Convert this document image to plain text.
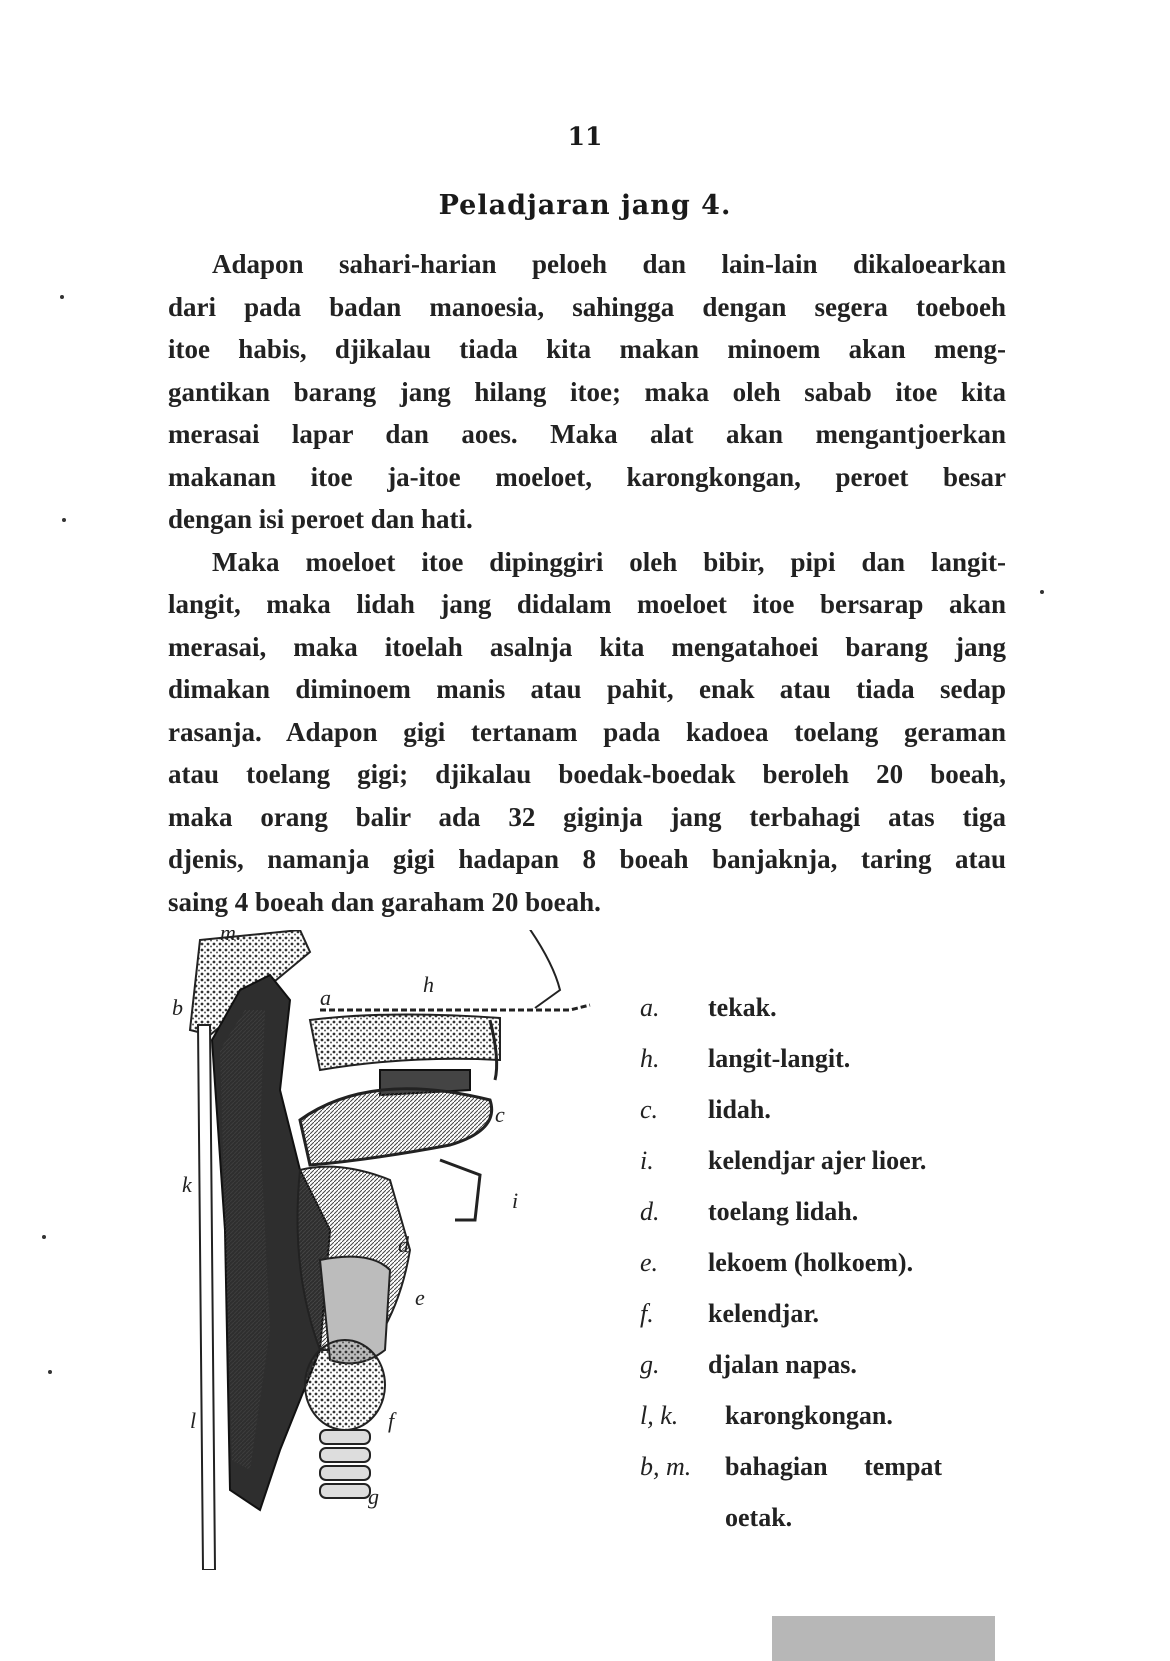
11
Peladjaran jang 4.
Adapon sahari-harian peloeh dan lain-lain dikaloearkan
dari pada badan manoesia, sahingga dengan segera toeboeh
itoe habis, djikalau tiada kita makan minoem akan meng-
gantikan barang jang hilang itoe; maka oleh sabab itoe kita
merasai lapar dan aoes. Maka alat akan mengantjoerkan
makanan itoe ja-itoe moeloet, karongkongan, peroet besar
dengan isi peroet dan hati.
Maka moeloet itoe dipinggiri oleh bibir, pipi dan langit-
langit, maka lidah jang didalam moeloet itoe bersarap akan
merasai, maka itoelah asalnja kita mengatahoei barang jang
dimakan diminoem manis atau pahit, enak atau tiada sedap
rasanja. Adapon gigi tertanam pada kadoea toelang geraman
atau toelang gigi; djikalau boedak-boedak beroleh 20 boeah,
maka orang balir ada 32 giginja jang terbahagi atas tiga
djenis, namanja gigi hadapan 8 boeah banjaknja, taring atau
saing 4 boeah dan garaham 20 boeah.
m.
b	a
h
c
k
i
d
e
l	f
g
a.	tekak.
h.	langit-langit.
c.	lidah.
i.	kelendjar ajer lioer.
d.	toelang lidah.
e.	lekoem (holkoem).
f.	kelendjar.
g.	djalan napas.
l, k.	karongkongan.
b, m.	bahagian tempat
oetak.
